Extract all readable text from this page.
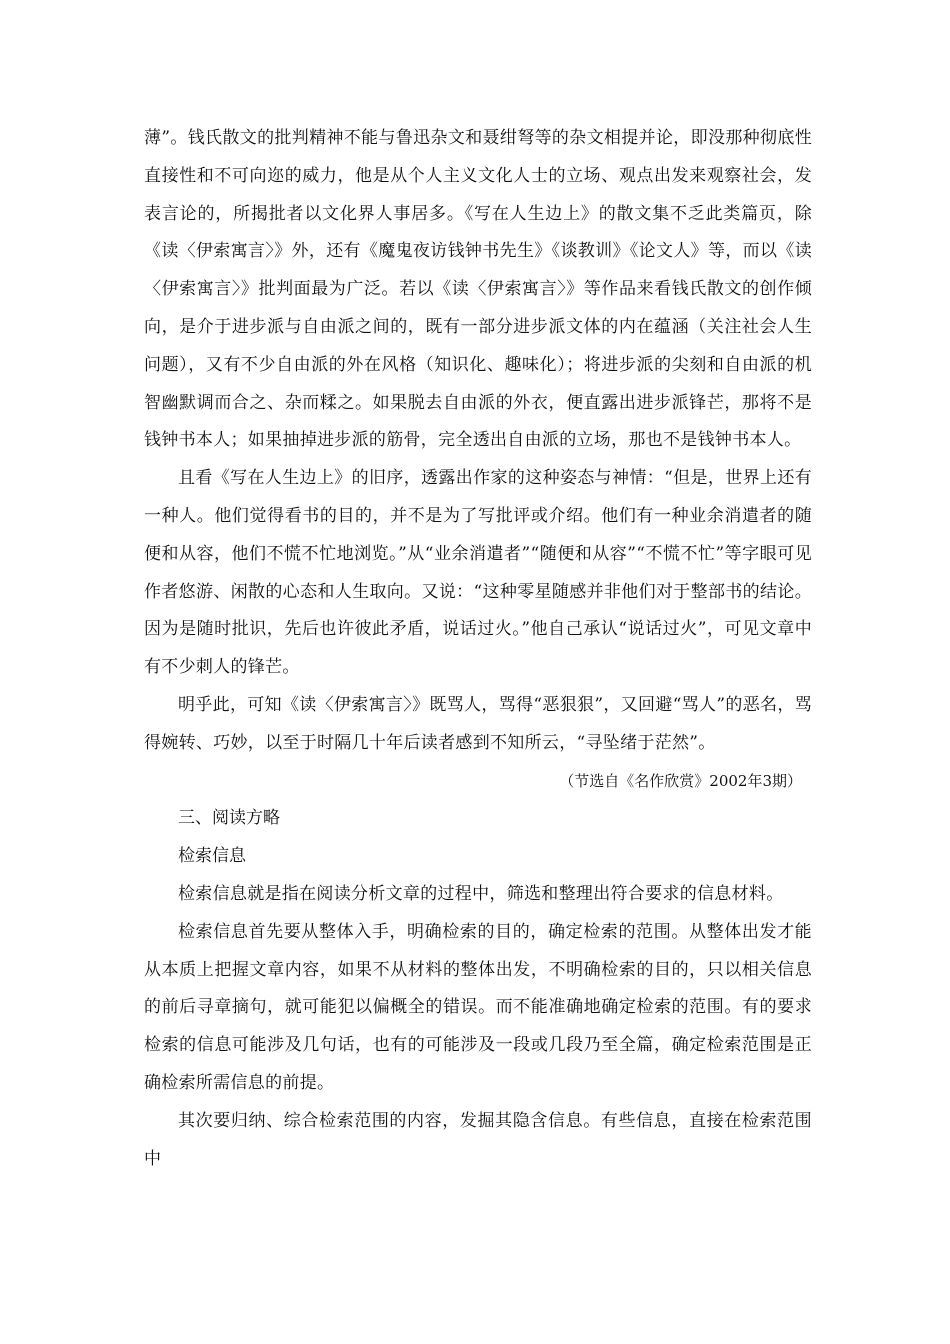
薄”。钱氏散文的批判精神不能与鲁迅杂文和聂绀弩等的杂文相提并论，即没那种彻底性直接性和不可向迩的威力，他是从个人主义文化人士的立场、观点出发来观察社会，发表言论的，所揭批者以文化界人事居多。《写在人生边上》的散文集不乏此类篇页，除《读〈伊索寓言〉》外，还有《魔鬼夜访钱钟书先生》《谈教训》《论文人》等，而以《读〈伊索寓言〉》批判面最为广泛。若以《读〈伊索寓言〉》等作品来看钱氏散文的创作倾向，是介于进步派与自由派之间的，既有一部分进步派文体的内在蕴涵（关注社会人生问题），又有不少自由派的外在风格（知识化、趣味化）；将进步派的尖刻和自由派的机智幽默调而合之、杂而糅之。如果脱去自由派的外衣，便直露出进步派锋芒，那将不是钱钟书本人；如果抽掉进步派的筋骨，完全透出自由派的立场，那也不是钱钟书本人。

且看《写在人生边上》的旧序，透露出作家的这种姿态与神情：“但是，世界上还有一种人。他们觉得看书的目的，并不是为了写批评或介绍。他们有一种业余消遣者的随便和从容，他们不慌不忙地浏览。”从“业余消遣者”“随便和从容”“不慌不忙”等字眼可见作者悠游、闲散的心态和人生取向。又说：“这种零星随感并非他们对于整部书的结论。因为是随时批识，先后也许彼此矛盾，说话过火。”他自己承认“说话过火”，可见文章中有不少刺人的锋芒。

明乎此，可知《读〈伊索寓言〉》既骂人，骂得“恶狠狠”，又回避“骂人”的恶名，骂得婉转、巧妙，以至于时隔几十年后读者感到不知所云，“寻坠绪于茫然”。

（节选自《名作欣赏》2002年3期）

三、阅读方略

检索信息

检索信息就是指在阅读分析文章的过程中，筛选和整理出符合要求的信息材料。

检索信息首先要从整体入手，明确检索的目的，确定检索的范围。从整体出发才能从本质上把握文章内容，如果不从材料的整体出发，不明确检索的目的，只以相关信息的前后寻章摘句，就可能犯以偏概全的错误。而不能准确地确定检索的范围。有的要求检索的信息可能涉及几句话，也有的可能涉及一段或几段乃至全篇，确定检索范围是正确检索所需信息的前提。

其次要归纳、综合检索范围的内容，发掘其隐含信息。有些信息，直接在检索范围中
